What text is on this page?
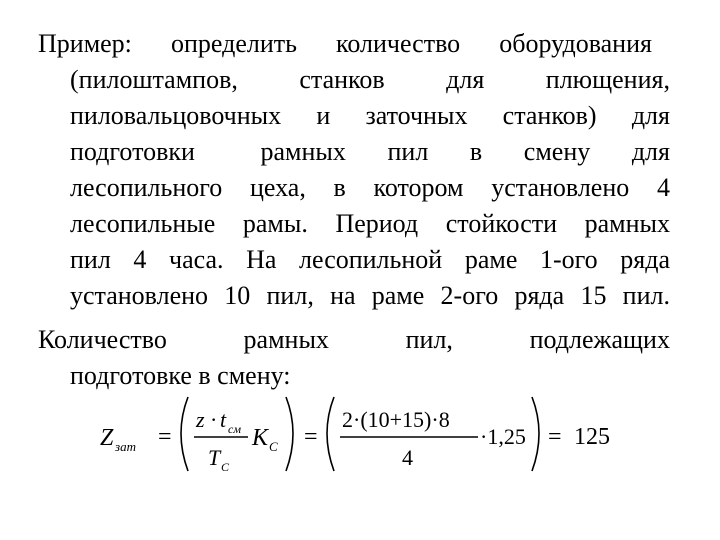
Пример: определить количество оборудования
(пилоштампов, станков для плющения,
пиловальцовочных и заточных станков) для
подготовки	рамных пил в смену для
лесопильного цеха, в котором установлено 4
лесопильные рамы. Период стойкости рамных
пил 4 часа. На лесопильной раме 1-ого ряда
установлено 10 пил, на раме 2-ого ряда 15 пил.
Количество	рамных	пил,	подлежащих
подготовке в смену:
Z зат =
z · t см
T C
K C =
2·(10+15)·8
4
·1,25 = 125
